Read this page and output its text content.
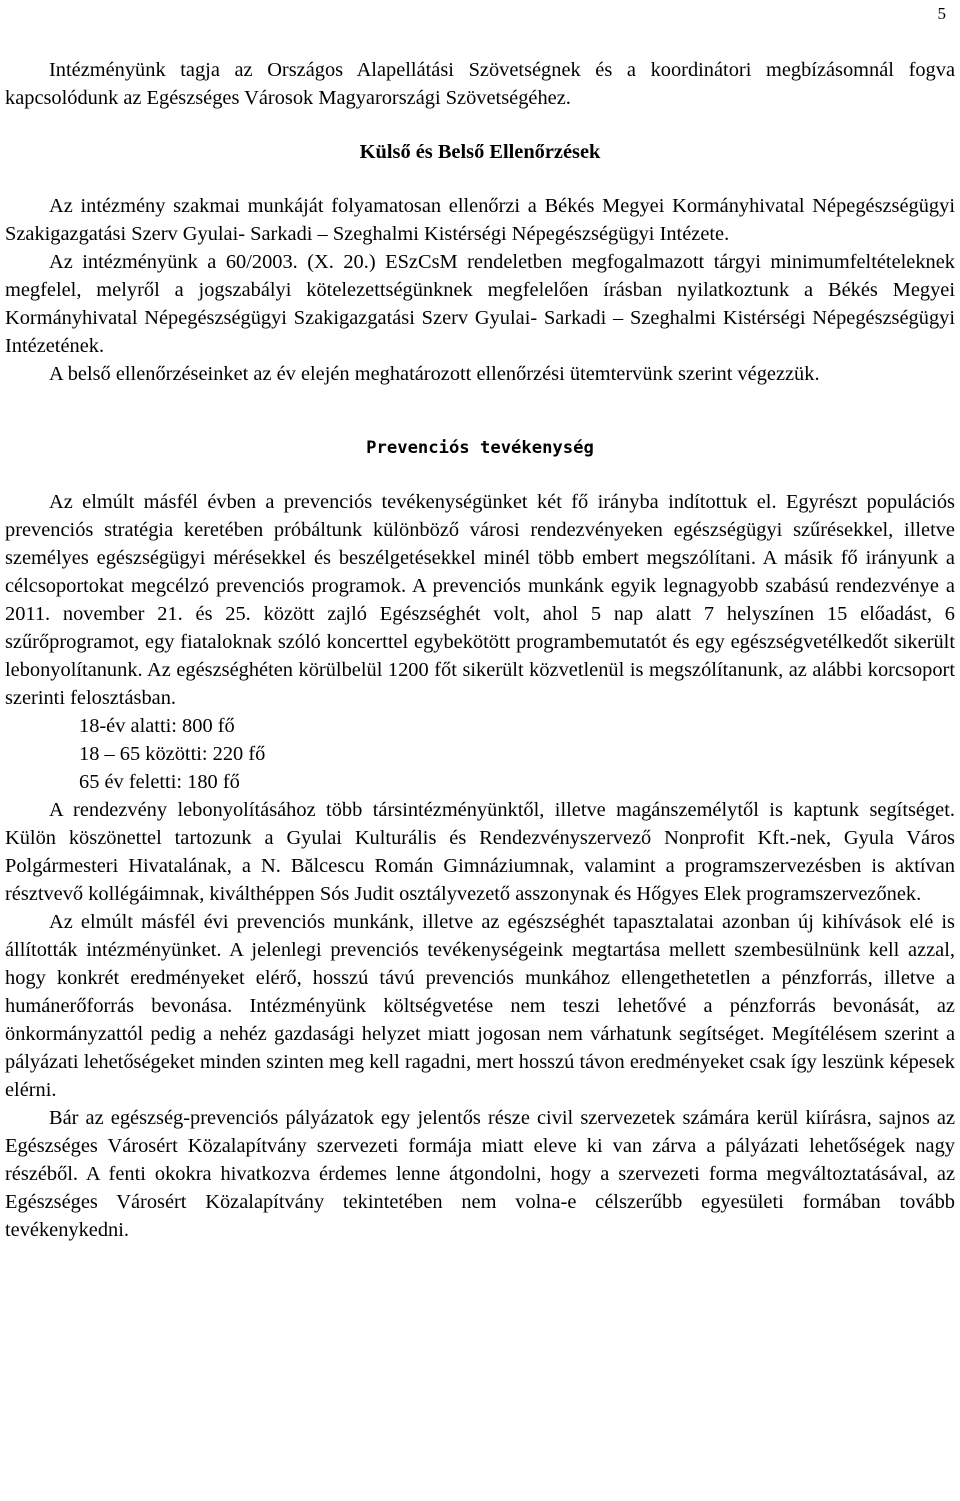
5

Intézményünk tagja az Országos Alapellátási Szövetségnek és a koordinátori megbízásomnál fogva kapcsolódunk az Egészséges Városok Magyarországi Szövetségéhez.

Külső és Belső Ellenőrzések

Az intézmény szakmai munkáját folyamatosan ellenőrzi a Békés Megyei Kormányhivatal Népegészségügyi Szakigazgatási Szerv Gyulai- Sarkadi – Szeghalmi Kistérségi Népegészségügyi Intézete.

Az intézményünk a 60/2003. (X. 20.) ESzCsM rendeletben megfogalmazott tárgyi minimumfeltételeknek megfelel, melyről a jogszabályi kötelezettségünknek megfelelően írásban nyilatkoztunk a Békés Megyei Kormányhivatal Népegészségügyi Szakigazgatási Szerv Gyulai- Sarkadi – Szeghalmi Kistérségi Népegészségügyi Intézetének.

A belső ellenőrzéseinket az év elején meghatározott ellenőrzési ütemtervünk szerint végezzük.

Prevenciós tevékenység

Az elmúlt másfél évben a prevenciós tevékenységünket két fő irányba indítottuk el. Egyrészt populációs prevenciós stratégia keretében próbáltunk különböző városi rendezvényeken egészségügyi szűrésekkel, illetve személyes egészségügyi mérésekkel és beszélgetésekkel minél több embert megszólítani. A másik fő irányunk a célcsoportokat megcélzó prevenciós programok. A prevenciós munkánk egyik legnagyobb szabású rendezvénye a 2011. november 21. és 25. között zajló Egészséghét volt, ahol 5 nap alatt 7 helyszínen 15 előadást, 6 szűrőprogramot, egy fiataloknak szóló koncerttel egybekötött programbemutatót és egy egészségvetélkedőt sikerült lebonyolítanunk. Az egészséghéten körülbelül 1200 főt sikerült közvetlenül is megszólítanunk, az alábbi korcsoport szerinti felosztásban.

18-év alatti: 800 fő

18 – 65 közötti: 220 fő

65 év feletti: 180 fő

A rendezvény lebonyolításához több társintézményünktől, illetve magánszemélytől is kaptunk segítséget. Külön köszönettel tartozunk a Gyulai Kulturális és Rendezvényszervező Nonprofit Kft.-nek, Gyula Város Polgármesteri Hivatalának, a N. Bălcescu Román Gimnáziumnak, valamint a programszervezésben is aktívan résztvevő kollégáimnak, kiválthéppen Sós Judit osztályvezető asszonynak és Hőgyes Elek programszervezőnek.

Az elmúlt másfél évi prevenciós munkánk, illetve az egészséghét tapasztalatai azonban új kihívások elé is állították intézményünket. A jelenlegi prevenciós tevékenységeink megtartása mellett szembesülnünk kell azzal, hogy konkrét eredményeket elérő, hosszú távú prevenciós munkához ellengethetetlen a pénzforrás, illetve a humánerőforrás bevonása. Intézményünk költségvetése nem teszi lehetővé a pénzforrás bevonását, az önkormányzattól pedig a nehéz gazdasági helyzet miatt jogosan nem várhatunk segítséget. Megítélésem szerint a pályázati lehetőségeket minden szinten meg kell ragadni, mert hosszú távon eredményeket csak így leszünk képesek elérni.

Bár az egészség-prevenciós pályázatok egy jelentős része civil szervezetek számára kerül kiírásra, sajnos az Egészséges Városért Közalapítvány szervezeti formája miatt eleve ki van zárva a pályázati lehetőségek nagy részéből. A fenti okokra hivatkozva érdemes lenne átgondolni, hogy a szervezeti forma megváltoztatásával, az Egészséges Városért Közalapítvány tekintetében nem volna-e célszerűbb egyesületi formában tovább tevékenykedni.
